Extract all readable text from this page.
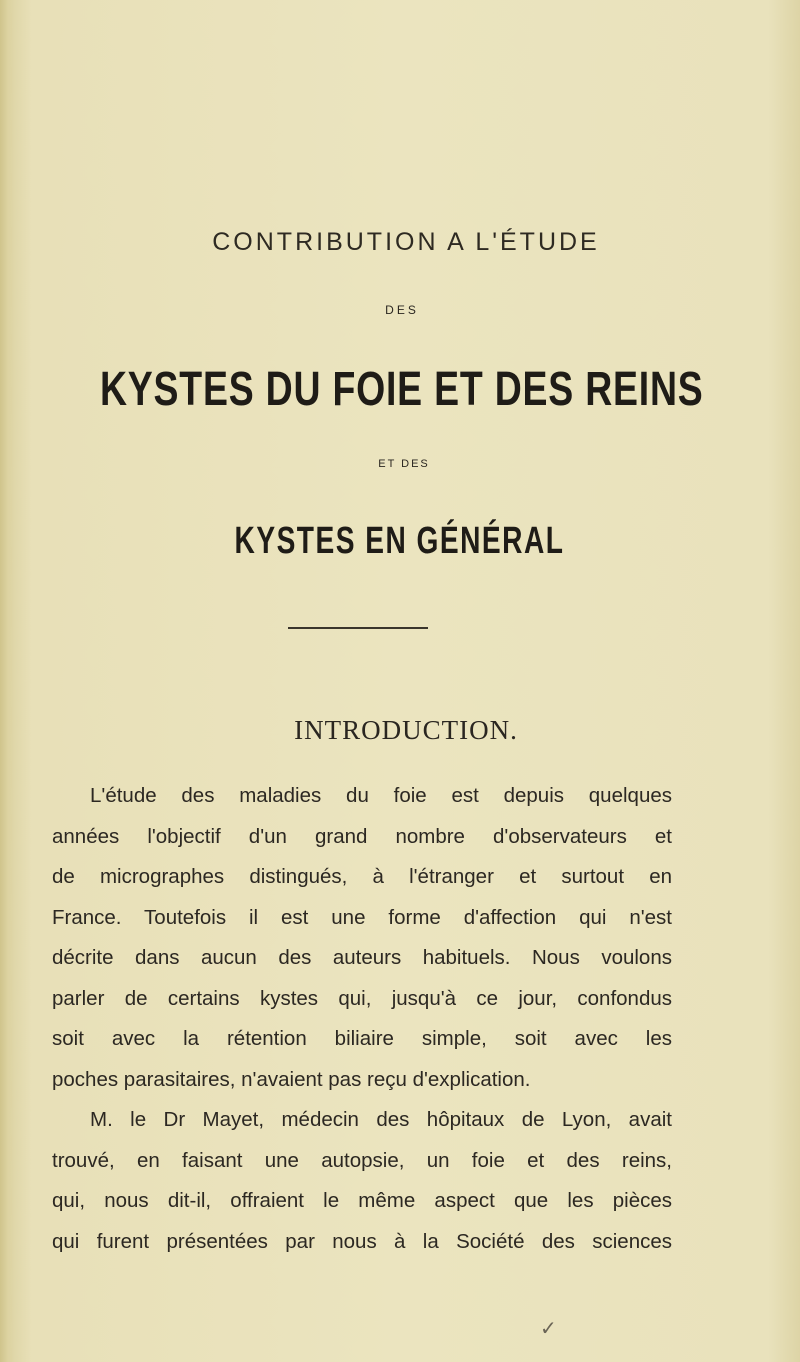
CONTRIBUTION A L'ÉTUDE
DES
KYSTES DU FOIE ET DES REINS
ET DES
KYSTES EN GÉNÉRAL
INTRODUCTION.
L'étude des maladies du foie est depuis quelques
années l'objectif d'un grand nombre d'observateurs et
de micrographes distingués, à l'étranger et surtout en
France. Toutefois il est une forme d'affection qui n'est
décrite dans aucun des auteurs habituels. Nous voulons
parler de certains kystes qui, jusqu'à ce jour, confondus
soit avec la rétention biliaire simple, soit avec les
poches parasitaires, n'avaient pas reçu d'explication.
M. le Dr Mayet, médecin des hôpitaux de Lyon, avait
trouvé, en faisant une autopsie, un foie et des reins,
qui, nous dit-il, offraient le même aspect que les pièces
qui furent présentées par nous à la Société des sciences
✓
